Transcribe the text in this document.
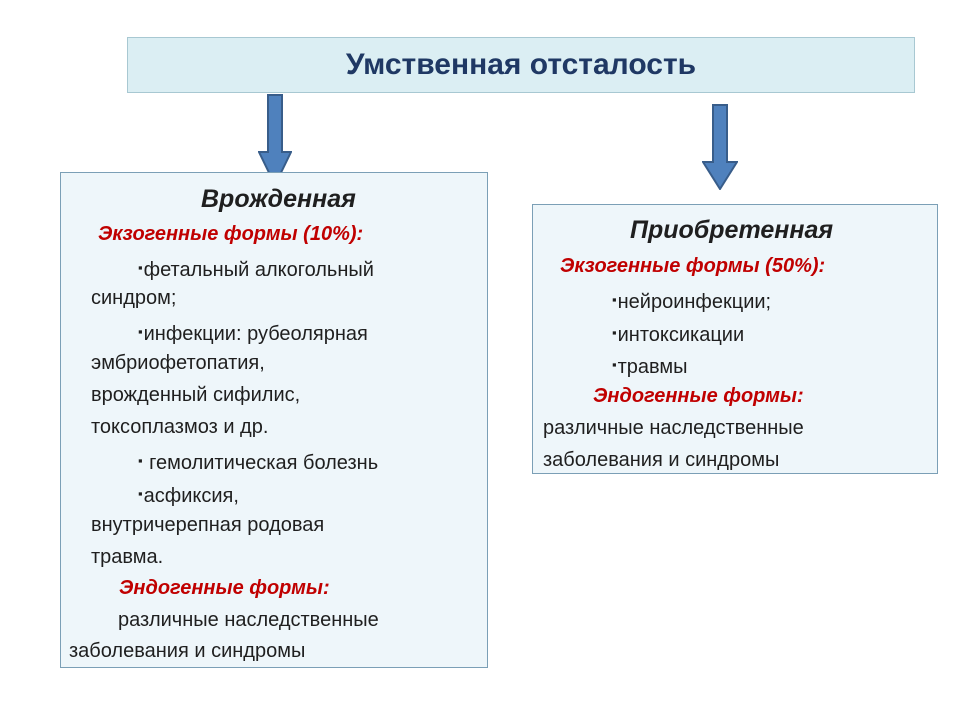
Умственная отсталость
Врожденная
Экзогенные формы (10%):
▪фетальный алкогольный
синдром;
▪инфекции: рубеолярная
эмбриофетопатия,
врожденный сифилис,
токсоплазмоз и др.
▪ гемолитическая болезнь
▪асфиксия,
внутричерепная родовая
травма.
Эндогенные формы:
различные наследственные
заболевания и синдромы
Приобретенная
Экзогенные формы (50%):
▪нейроинфекции;
▪интоксикации
▪травмы
Эндогенные формы:
различные наследственные
заболевания и синдромы
